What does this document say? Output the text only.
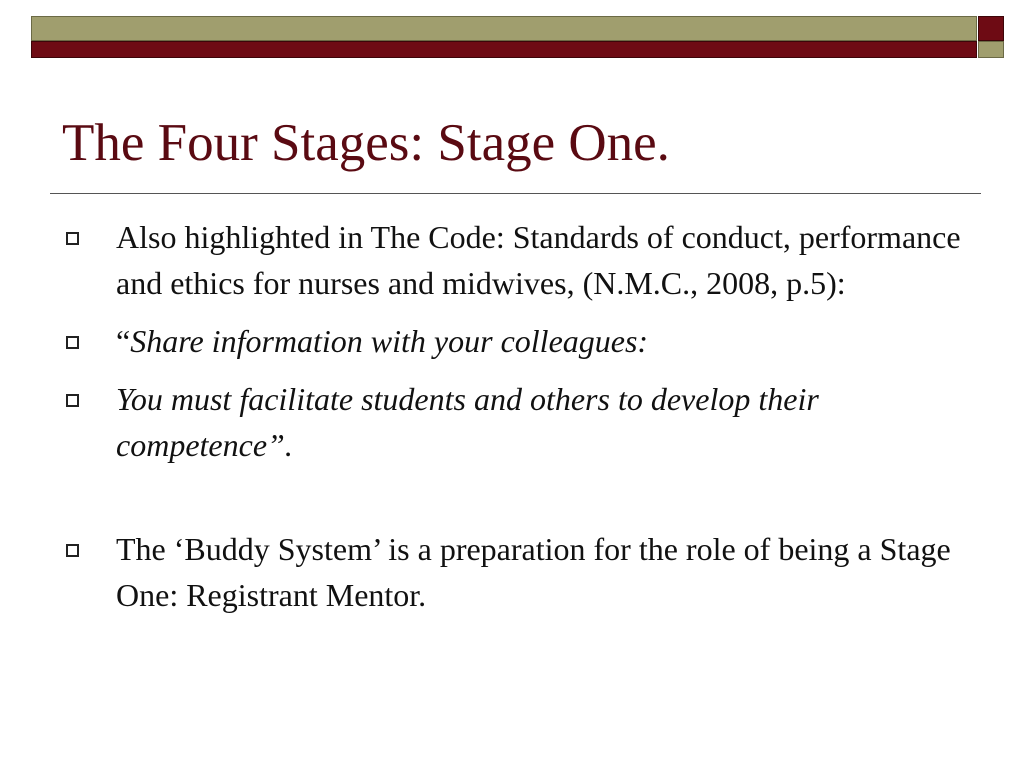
The Four Stages: Stage One.
Also highlighted in The Code: Standards of conduct, performance and ethics for nurses and midwives, (N.M.C., 2008, p.5):
“Share information with your colleagues:
You must facilitate students and others to develop their competence”.
The ‘Buddy System’ is a preparation for the role of being a Stage One: Registrant Mentor.
